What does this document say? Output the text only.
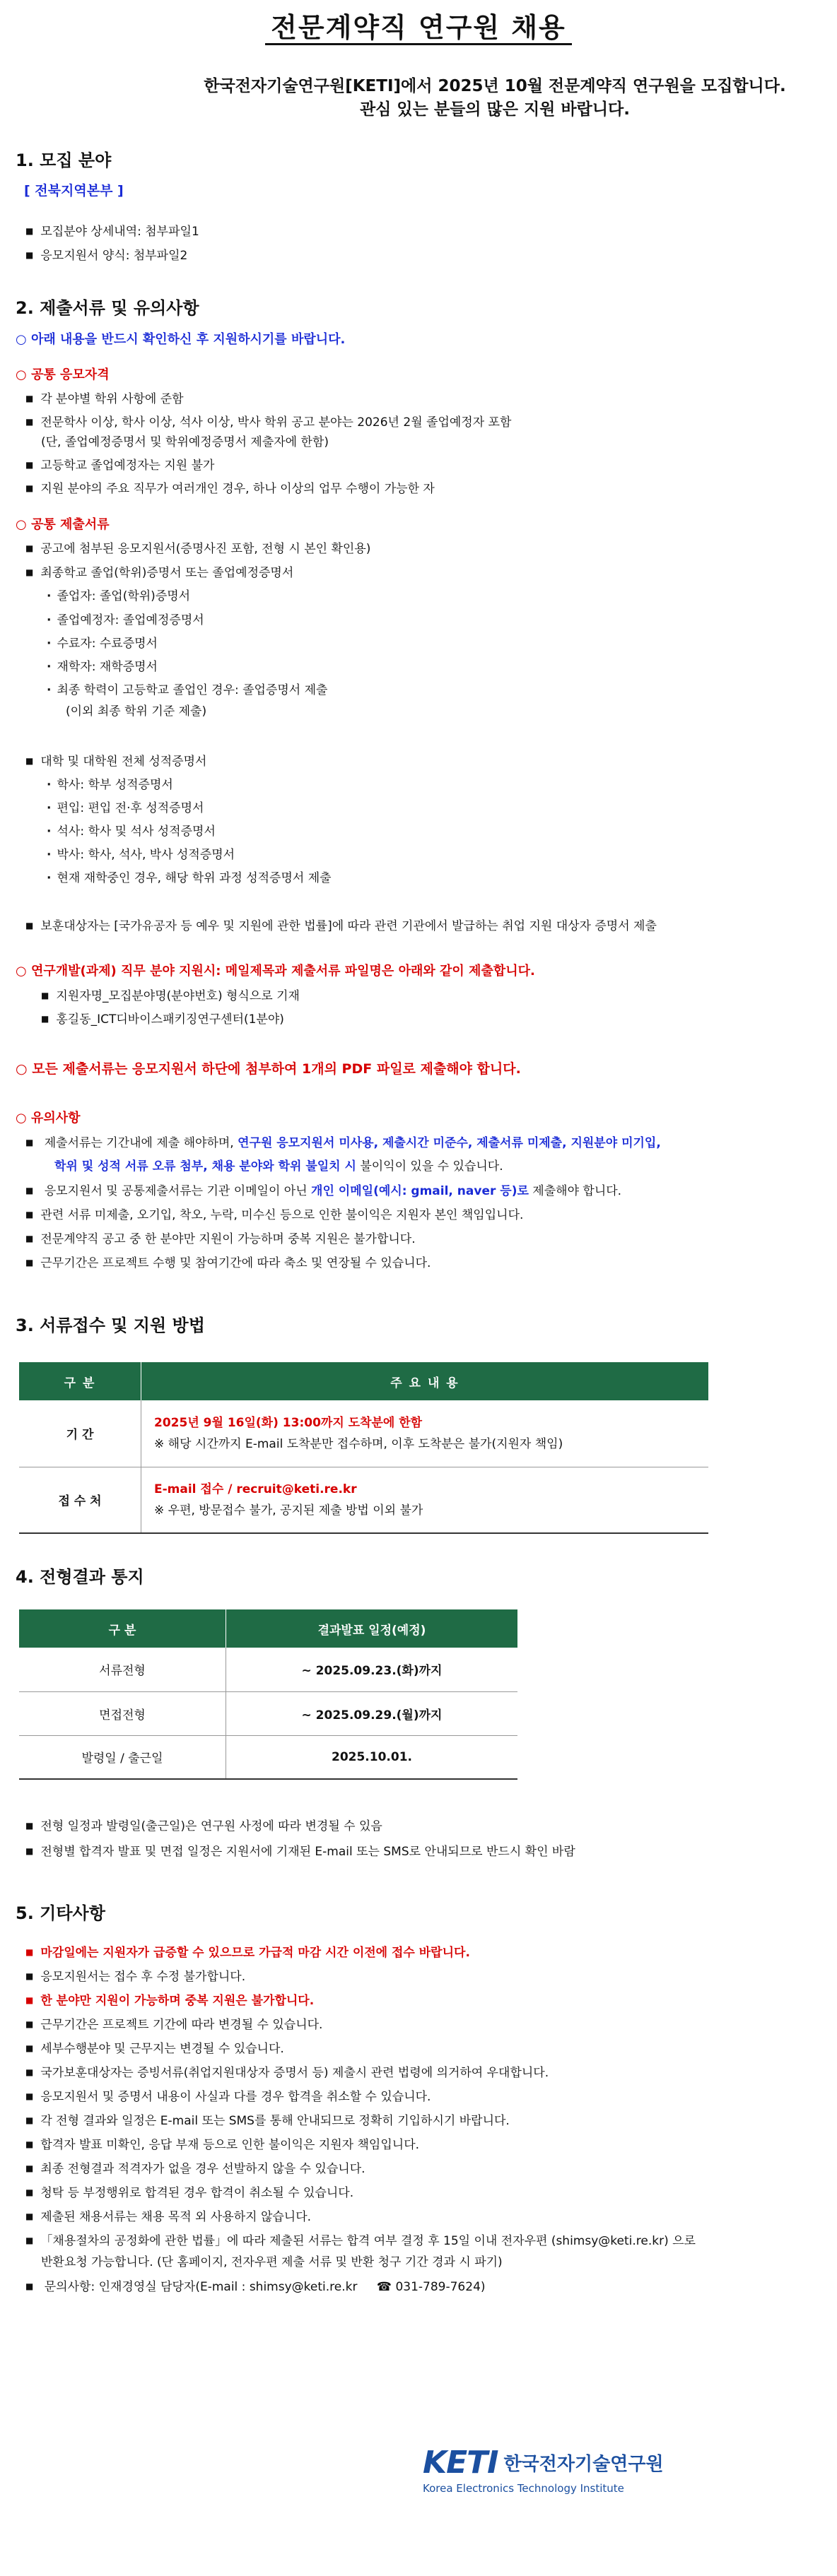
전문계약직 연구원 채용
한국전자기술연구원[KETI]에서 2025년 10월 전문계약직 연구원을 모집합니다.
관심 있는 분들의 많은 지원 바랍니다.
1. 모집 분야
[ 전북지역본부 ]
■ 모집분야 상세내역: 첨부파일1
■ 응모지원서 양식: 첨부파일2
2. 제출서류 및 유의사항
○ 아래 내용을 반드시 확인하신 후 지원하시기를 바랍니다.
○ 공통 응모자격
■ 각 분야별 학위 사항에 준함
■ 전문학사 이상, 학사 이상, 석사 이상, 박사 학위 공고 분야는 2026년 2월 졸업예정자 포함
(단, 졸업예정증명서 및 학위예정증명서 제출자에 한함)
■ 고등학교 졸업예정자는 지원 불가
■ 지원 분야의 주요 직무가 여러개인 경우, 하나 이상의 업무 수행이 가능한 자
○ 공통 제출서류
■ 공고에 첨부된 응모지원서(증명사진 포함, 전형 시 본인 확인용)
■ 최종학교 졸업(학위)증명서 또는 졸업예정증명서
· 졸업자: 졸업(학위)증명서
· 졸업예정자: 졸업예정증명서
· 수료자: 수료증명서
· 재학자: 재학증명서
· 최종 학력이 고등학교 졸업인 경우: 졸업증명서 제출
(이외 최종 학위 기준 제출)
■ 대학 및 대학원 전체 성적증명서
· 학사: 학부 성적증명서
· 편입: 편입 전·후 성적증명서
· 석사: 학사 및 석사 성적증명서
· 박사: 학사, 석사, 박사 성적증명서
· 현재 재학중인 경우, 해당 학위 과정 성적증명서 제출
■ 보훈대상자는 [국가유공자 등 예우 및 지원에 관한 법률]에 따라 관련 기관에서 발급하는 취업 지원 대상자 증명서 제출
○ 연구개발(과제) 직무 분야 지원시: 메일제목과 제출서류 파일명은 아래와 같이 제출합니다.
■ 지원자명_모집분야명(분야번호) 형식으로 기재
■ 홍길동_ICT디바이스패키징연구센터(1분야)
○ 모든 제출서류는 응모지원서 하단에 첨부하여 1개의 PDF 파일로 제출해야 합니다.
○ 유의사항
■ 제출서류는 기간내에 제출 해야하며, 연구원 응모지원서 미사용, 제출시간 미준수, 제출서류 미제출, 지원분야 미기입,
학위 및 성적 서류 오류 첨부, 채용 분야와 학위 불일치 시 불이익이 있을 수 있습니다.
■ 응모지원서 및 공통제출서류는 기관 이메일이 아닌 개인 이메일(예시: gmail, naver 등)로 제출해야 합니다.
■ 관련 서류 미제출, 오기입, 착오, 누락, 미수신 등으로 인한 불이익은 지원자 본인 책임입니다.
■ 전문계약직 공고 중 한 분야만 지원이 가능하며 중복 지원은 불가합니다.
■ 근무기간은 프로젝트 수행 및 참여기간에 따라 축소 및 연장될 수 있습니다.
3. 서류접수 및 지원 방법
구 분	주 요 내 용
기 간	2025년 9월 16일(화) 13:00까지 도착분에 한함
※ 해당 시간까지 E-mail 도착분만 접수하며, 이후 도착분은 불가(지원자 책임)

접 수 처	E-mail 접수 / recruit@keti.re.kr
※ 우편, 방문접수 불가, 공지된 제출 방법 이외 불가
4. 전형결과 통지
구 분	결과발표 일정(예정)
서류전형	~ 2025.09.23.(화)까지
면접전형	~ 2025.09.29.(월)까지
발령일 / 출근일	2025.10.01.
■ 전형 일정과 발령일(출근일)은 연구원 사정에 따라 변경될 수 있음
■ 전형별 합격자 발표 및 면접 일정은 지원서에 기재된 E-mail 또는 SMS로 안내되므로 반드시 확인 바람
5. 기타사항
■ 마감일에는 지원자가 급증할 수 있으므로 가급적 마감 시간 이전에 접수 바랍니다.
■ 응모지원서는 접수 후 수정 불가합니다.
■ 한 분야만 지원이 가능하며 중복 지원은 불가합니다.
■ 근무기간은 프로젝트 기간에 따라 변경될 수 있습니다.
■ 세부수행분야 및 근무지는 변경될 수 있습니다.
■ 국가보훈대상자는 증빙서류(취업지원대상자 증명서 등) 제출시 관련 법령에 의거하여 우대합니다.
■ 응모지원서 및 증명서 내용이 사실과 다를 경우 합격을 취소할 수 있습니다.
■ 각 전형 결과와 일정은 E-mail 또는 SMS를 통해 안내되므로 정확히 기입하시기 바랍니다.
■ 합격자 발표 미확인, 응답 부재 등으로 인한 불이익은 지원자 책임입니다.
■ 최종 전형결과 적격자가 없을 경우 선발하지 않을 수 있습니다.
■ 청탁 등 부정행위로 합격된 경우 합격이 취소될 수 있습니다.
■ 제출된 채용서류는 채용 목적 외 사용하지 않습니다.
■ 「채용절차의 공정화에 관한 법률」에 따라 제출된 서류는 합격 여부 결정 후 15일 이내 전자우편 (shimsy@keti.re.kr) 으로
반환요청 가능합니다. (단 홈페이지, 전자우편 제출 서류 및 반환 청구 기간 경과 시 파기)
■ 문의사항: 인재경영실 담당자(E-mail : shimsy@keti.re.kr ☎ 031-789-7624)
KETI 한국전자기술연구원
Korea Electronics Technology Institute
